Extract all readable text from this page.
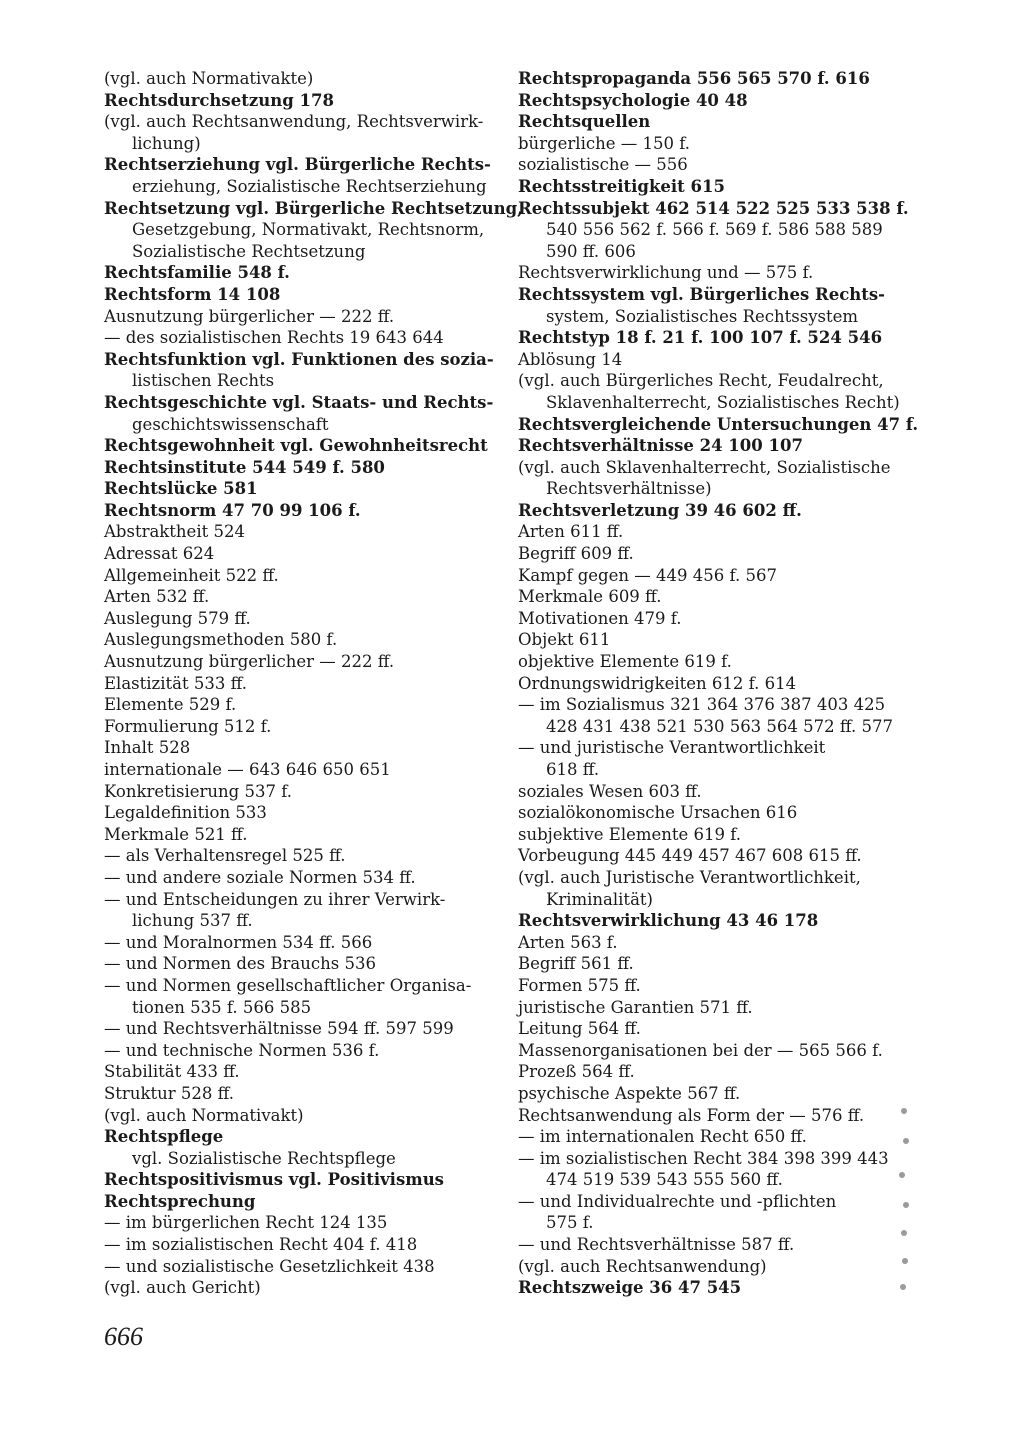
(vgl. auch Normativakte)
Rechtsdurchsetzung 178
(vgl. auch Rechtsanwendung, Rechtsverwirk-
lichung)
Rechtserziehung vgl. Bürgerliche Rechts-
erziehung, Sozialistische Rechtserziehung
Rechtsetzung vgl. Bürgerliche Rechtsetzung,
Gesetzgebung, Normativakt, Rechtsnorm,
Sozialistische Rechtsetzung
Rechtsfamilie 548 f.
Rechtsform 14 108
Ausnutzung bürgerlicher — 222 ff.
— des sozialistischen Rechts 19 643 644
Rechtsfunktion vgl. Funktionen des sozia-
listischen Rechts
Rechtsgeschichte vgl. Staats- und Rechts-
geschichtswissenschaft
Rechtsgewohnheit vgl. Gewohnheitsrecht
Rechtsinstitute 544 549 f. 580
Rechtslücke 581
Rechtsnorm 47 70 99 106 f.
Abstraktheit 524
Adressat 624
Allgemeinheit 522 ff.
Arten 532 ff.
Auslegung 579 ff.
Auslegungsmethoden 580 f.
Ausnutzung bürgerlicher — 222 ff.
Elastizität 533 ff.
Elemente 529 f.
Formulierung 512 f.
Inhalt 528
internationale — 643 646 650 651
Konkretisierung 537 f.
Legaldefinition 533
Merkmale 521 ff.
— als Verhaltensregel 525 ff.
— und andere soziale Normen 534 ff.
— und Entscheidungen zu ihrer Verwirk-
lichung 537 ff.
— und Moralnormen 534 ff. 566
— und Normen des Brauchs 536
— und Normen gesellschaftlicher Organisa-
tionen 535 f. 566 585
— und Rechtsverhältnisse 594 ff. 597 599
— und technische Normen 536 f.
Stabilität 433 ff.
Struktur 528 ff.
(vgl. auch Normativakt)
Rechtspflege
vgl. Sozialistische Rechtspflege
Rechtspositivismus vgl. Positivismus
Rechtsprechung
— im bürgerlichen Recht 124 135
— im sozialistischen Recht 404 f. 418
— und sozialistische Gesetzlichkeit 438
(vgl. auch Gericht)
Rechtspropaganda 556 565 570 f. 616
Rechtspsychologie 40 48
Rechtsquellen
bürgerliche — 150 f.
sozialistische — 556
Rechtsstreitigkeit 615
Rechtssubjekt 462 514 522 525 533 538 f.
540 556 562 f. 566 f. 569 f. 586 588 589
590 ff. 606
Rechtsverwirklichung und — 575 f.
Rechtssystem vgl. Bürgerliches Rechts-
system, Sozialistisches Rechtssystem
Rechtstyp 18 f. 21 f. 100 107 f. 524 546
Ablösung 14
(vgl. auch Bürgerliches Recht, Feudalrecht,
Sklavenhalterrecht, Sozialistisches Recht)
Rechtsvergleichende Untersuchungen 47 f.
Rechtsverhältnisse 24 100 107
(vgl. auch Sklavenhalterrecht, Sozialistische
Rechtsverhältnisse)
Rechtsverletzung 39 46 602 ff.
Arten 611 ff.
Begriff 609 ff.
Kampf gegen — 449 456 f. 567
Merkmale 609 ff.
Motivationen 479 f.
Objekt 611
objektive Elemente 619 f.
Ordnungswidrigkeiten 612 f. 614
— im Sozialismus 321 364 376 387 403 425
428 431 438 521 530 563 564 572 ff. 577
— und juristische Verantwortlichkeit
618 ff.
soziales Wesen 603 ff.
sozialökonomische Ursachen 616
subjektive Elemente 619 f.
Vorbeugung 445 449 457 467 608 615 ff.
(vgl. auch Juristische Verantwortlichkeit,
Kriminalität)
Rechtsverwirklichung 43 46 178
Arten 563 f.
Begriff 561 ff.
Formen 575 ff.
juristische Garantien 571 ff.
Leitung 564 ff.
Massenorganisationen bei der — 565 566 f.
Prozeß 564 ff.
psychische Aspekte 567 ff.
Rechtsanwendung als Form der — 576 ff.
— im internationalen Recht 650 ff.
— im sozialistischen Recht 384 398 399 443
474 519 539 543 555 560 ff.
— und Individualrechte und -pflichten
575 f.
— und Rechtsverhältnisse 587 ff.
(vgl. auch Rechtsanwendung)
Rechtszweige 36 47 545
666
